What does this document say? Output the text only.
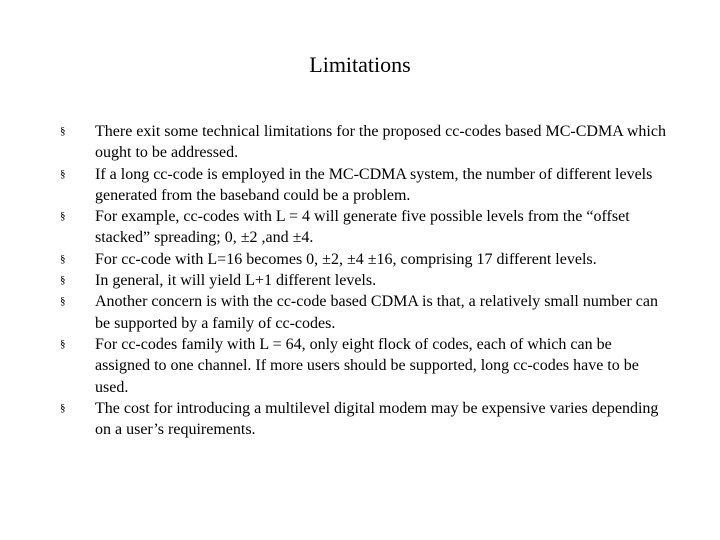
Limitations
§ There exit some technical limitations for the proposed cc-codes based MC-CDMA which ought to be addressed.
§ If a long cc-code is employed in the MC-CDMA system, the number of different levels generated from the baseband could be a problem.
§ For example, cc-codes with L = 4 will generate five possible levels from the “offset stacked” spreading; 0, ±2 ,and ±4.
§ For cc-code with L=16 becomes 0, ±2, ±4 ±16, comprising 17 different levels.
§ In general, it will yield L+1 different levels.
§ Another concern is with the cc-code based CDMA is that, a relatively small number can be supported by a family of cc-codes.
§ For cc-codes family with L = 64, only eight flock of codes, each of which can be assigned to one channel. If more users should be supported, long cc-codes have to be used.
§ The cost for introducing a multilevel digital modem may be expensive varies depending on a user’s requirements.
